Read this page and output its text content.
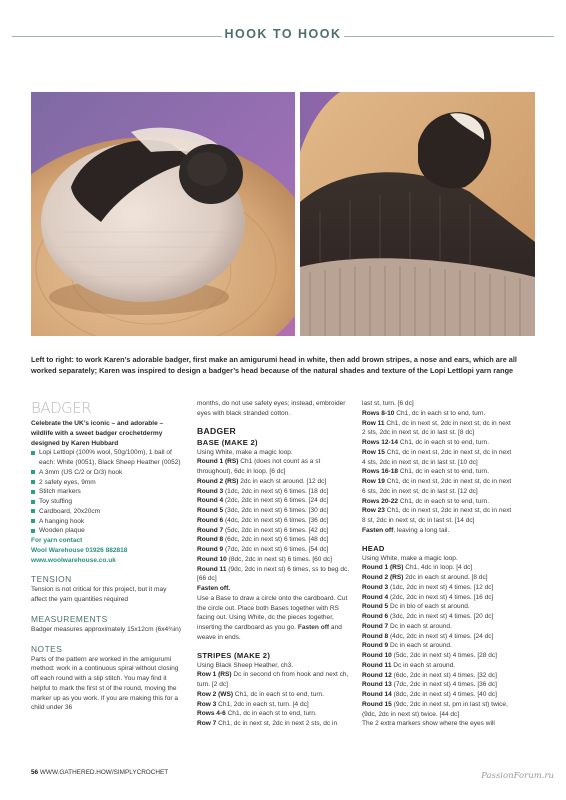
HOOK TO HOOK
Left to right: to work Karen’s adorable badger, first make an amigurumi head in white, then add brown stripes, a nose and ears, which are all worked separately; Karen was inspired to design a badger’s head because of the natural shades and texture of the Lopi Lettlopi yarn range
BADGER
Celebrate the UK’s iconic – and adorable – wildlife with a sweet badger crochetdermy designed by Karen Hubbard
Lopi Lettlopi (100% wool, 50g/100m), 1 ball of each: White (0051), Black Sheep Heather (0052)
A 3mm (US C/2 or D/3) hook
2 safety eyes, 9mm
Stitch markers
Toy stuffing
Cardboard, 20x20cm
A hanging hook
Wooden plaque
For yarn contact
Wool Warehouse 01926 882818
www.woolwarehouse.co.uk
TENSION
Tension is not critical for this project, but it may affect the yarn quantities required
MEASUREMENTS
Badger measures approximately 15x12cm (6x4¾in)
NOTES
Parts of the pattern are worked in the amigurumi method: work in a continuous spiral without closing off each round with a slip stitch. You may find it helpful to mark the first st of the round, moving the marker up as you work. If you are making this for a child under 36
months, do not use safety eyes; instead, embroider eyes with black stranded cotton.
BADGER
BASE (MAKE 2)
Using White, make a magic loop.
Round 1 (RS) Ch1 (does not count as a st throughout), 6dc in loop. [6 dc]
Round 2 (RS) 2dc in each st around. [12 dc]
Round 3 (1dc, 2dc in next st) 6 times. [18 dc]
Round 4 (2dc, 2dc in next st) 6 times. [24 dc]
Round 5 (3dc, 2dc in next st) 6 times. [30 dc]
Round 6 (4dc, 2dc in next st) 6 times. [36 dc]
Round 7 (5dc, 2dc in next st) 6 times. [42 dc]
Round 8 (6dc, 2dc in next st) 6 times. [48 dc]
Round 9 (7dc, 2dc in next st) 6 times. [54 dc]
Round 10 (8dc, 2dc in next st) 6 times. [60 dc]
Round 11 (9dc, 2dc in next st) 6 times, ss to beg dc. [66 dc]
Fasten off.
Use a Base to draw a circle onto the cardboard. Cut the circle out. Place both Bases together with RS facing out. Using White, dc the pieces together, inserting the cardboard as you go. Fasten off and weave in ends.
STRIPES (MAKE 2)
Using Black Sheep Heather, ch3.
Row 1 (RS) Dc in second ch from hook and next ch, turn. [2 dc]
Row 2 (WS) Ch1, dc in each st to end, turn.
Row 3 Ch1, 2dc in each st, turn. [4 dc]
Rows 4-6 Ch1, dc in each st to end, turn.
Row 7 Ch1, dc in next st, 2dc in next 2 sts, dc in
last st, turn. [6 dc]
Rows 8-10 Ch1, dc in each st to end, turn.
Row 11 Ch1, dc in next st, 2dc in next st, dc in next 2 sts, 2dc in next st, dc in last st. [8 dc]
Rows 12-14 Ch1, dc in each st to end, turn.
Row 15 Ch1, dc in next st, 2dc in next st, dc in next 4 sts, 2dc in next st, dc in last st. [10 dc]
Rows 16-18 Ch1, dc in each st to end, turn.
Row 19 Ch1, dc in next st, 2dc in next st, dc in next 6 sts, 2dc in next st, dc in last st. [12 dc]
Rows 20-22 Ch1, dc in each st to end, turn.
Row 23 Ch1, dc in next st, 2dc in next st, dc in next 8 st, 2dc in next st, dc in last st. [14 dc]
Fasten off, leaving a long tail.
HEAD
Using White, make a magic loop.
Round 1 (RS) Ch1, 4dc in loop. [4 dc]
Round 2 (RS) 2dc in each st around. [8 dc]
Round 3 (1dc, 2dc in next st) 4 times. [12 dc]
Round 4 (2dc, 2dc in next st) 4 times. [16 dc]
Round 5 Dc in blo of each st around.
Round 6 (3dc, 2dc in next st) 4 times. [20 dc]
Round 7 Dc in each st around.
Round 8 (4dc, 2dc in next st) 4 times. [24 dc]
Round 9 Dc in each st around.
Round 10 (5dc, 2dc in next st) 4 times. [28 dc]
Round 11 Dc in each st around.
Round 12 (6dc, 2dc in next st) 4 times. [32 dc]
Round 13 (7dc, 2dc in next st) 4 times. [36 dc]
Round 14 (8dc, 2dc in next st) 4 times. [40 dc]
Round 15 (9dc, 2dc in next st, pm in last st) twice, (9dc, 2dc in next st) twice. [44 dc]
The 2 extra markers show where the eyes will
56 WWW.GATHERED.HOW/SIMPLYCROCHET	PassionForum.ru
